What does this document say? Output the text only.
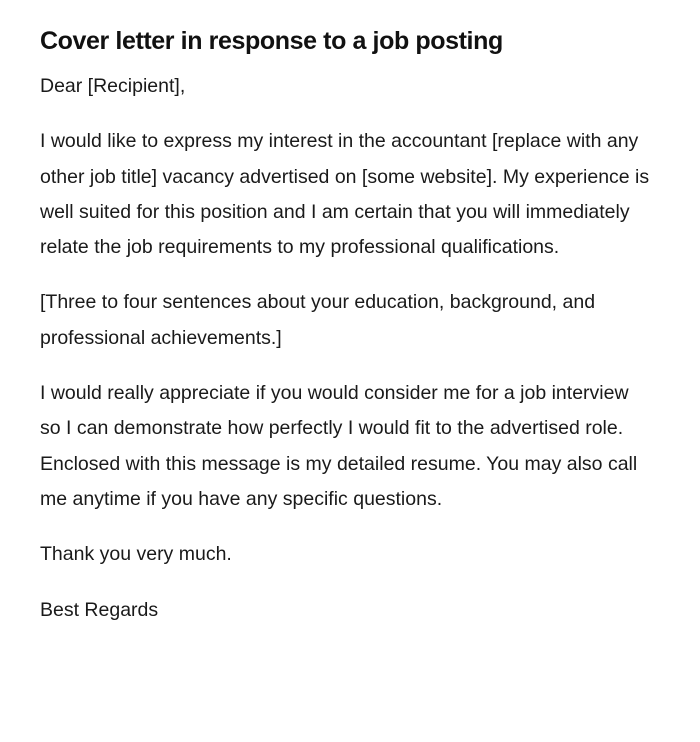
Cover letter in response to a job posting

Dear [Recipient],

I would like to express my interest in the accountant [replace with any other job title] vacancy advertised on [some website]. My experience is well suited for this position and I am certain that you will immediately relate the job requirements to my professional qualifications.

[Three to four sentences about your education, background, and professional achievements.]

I would really appreciate if you would consider me for a job interview so I can demonstrate how perfectly I would fit to the advertised role. Enclosed with this message is my detailed resume. You may also call me anytime if you have any specific questions.

Thank you very much.

Best Regards
